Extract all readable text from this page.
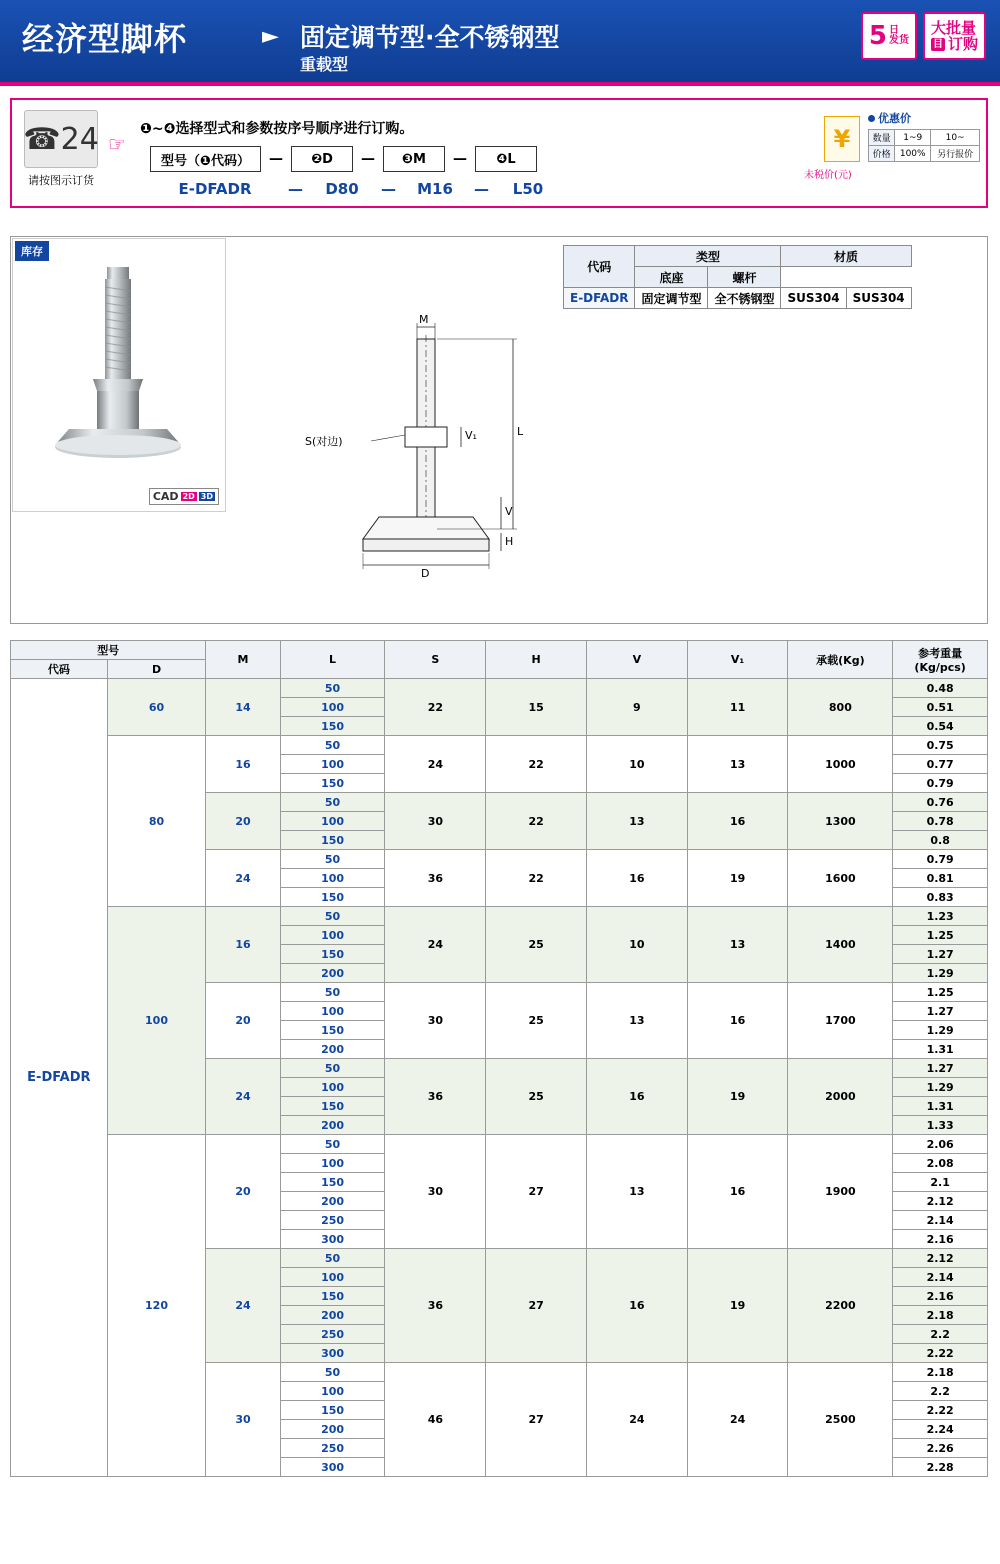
经济型脚杯	► 固定调节型·全不锈钢型
重载型
5 日
发货
大批量
目 订购
☎24
请按图示订货
☞
❶~❹选择型式和参数按序号顺序进行订购。
型号（❶代码）	—	❷D	—	❸M	—	❹L
E-DFADR	—	D80	—	M16	—	L50
¥
未税价(元)
优惠价
数量	1~9	10~
价格	100%	另行报价
库存
CAD 2D 3D
代码	类型		材质	
	底座	螺杆		
E-DFADR	固定调节型	全不锈钢型	SUS304	SUS304
M
L
S(对边)
V
V₁
H
D
型号		M	L	S	H	V	V₁	承载(Kg)	参考重量
(Kg/pcs)
代码	D								
E-DFADR	60	14	50	22	15	9	11	800	0.48
			100						0.51
			150						0.54
	80	16	50	24	22	10	13	1000	0.75
			100						0.77
			150						0.79
		20	50	30	22	13	16	1300	0.76
			100						0.78
			150						0.8
		24	50	36	22	16	19	1600	0.79
			100						0.81
			150						0.83
	100	16	50	24	25	10	13	1400	1.23
			100						1.25
			150						1.27
			200						1.29
		20	50	30	25	13	16	1700	1.25
			100						1.27
			150						1.29
			200						1.31
		24	50	36	25	16	19	2000	1.27
			100						1.29
			150						1.31
			200						1.33
	120	20	50	30	27	13	16	1900	2.06
			100						2.08
			150						2.1
			200						2.12
			250						2.14
			300						2.16
		24	50	36	27	16	19	2200	2.12
			100						2.14
			150						2.16
			200						2.18
			250						2.2
			300						2.22
		30	50	46	27	24	24	2500	2.18
			100						2.2
			150						2.22
			200						2.24
			250						2.26
			300						2.28
